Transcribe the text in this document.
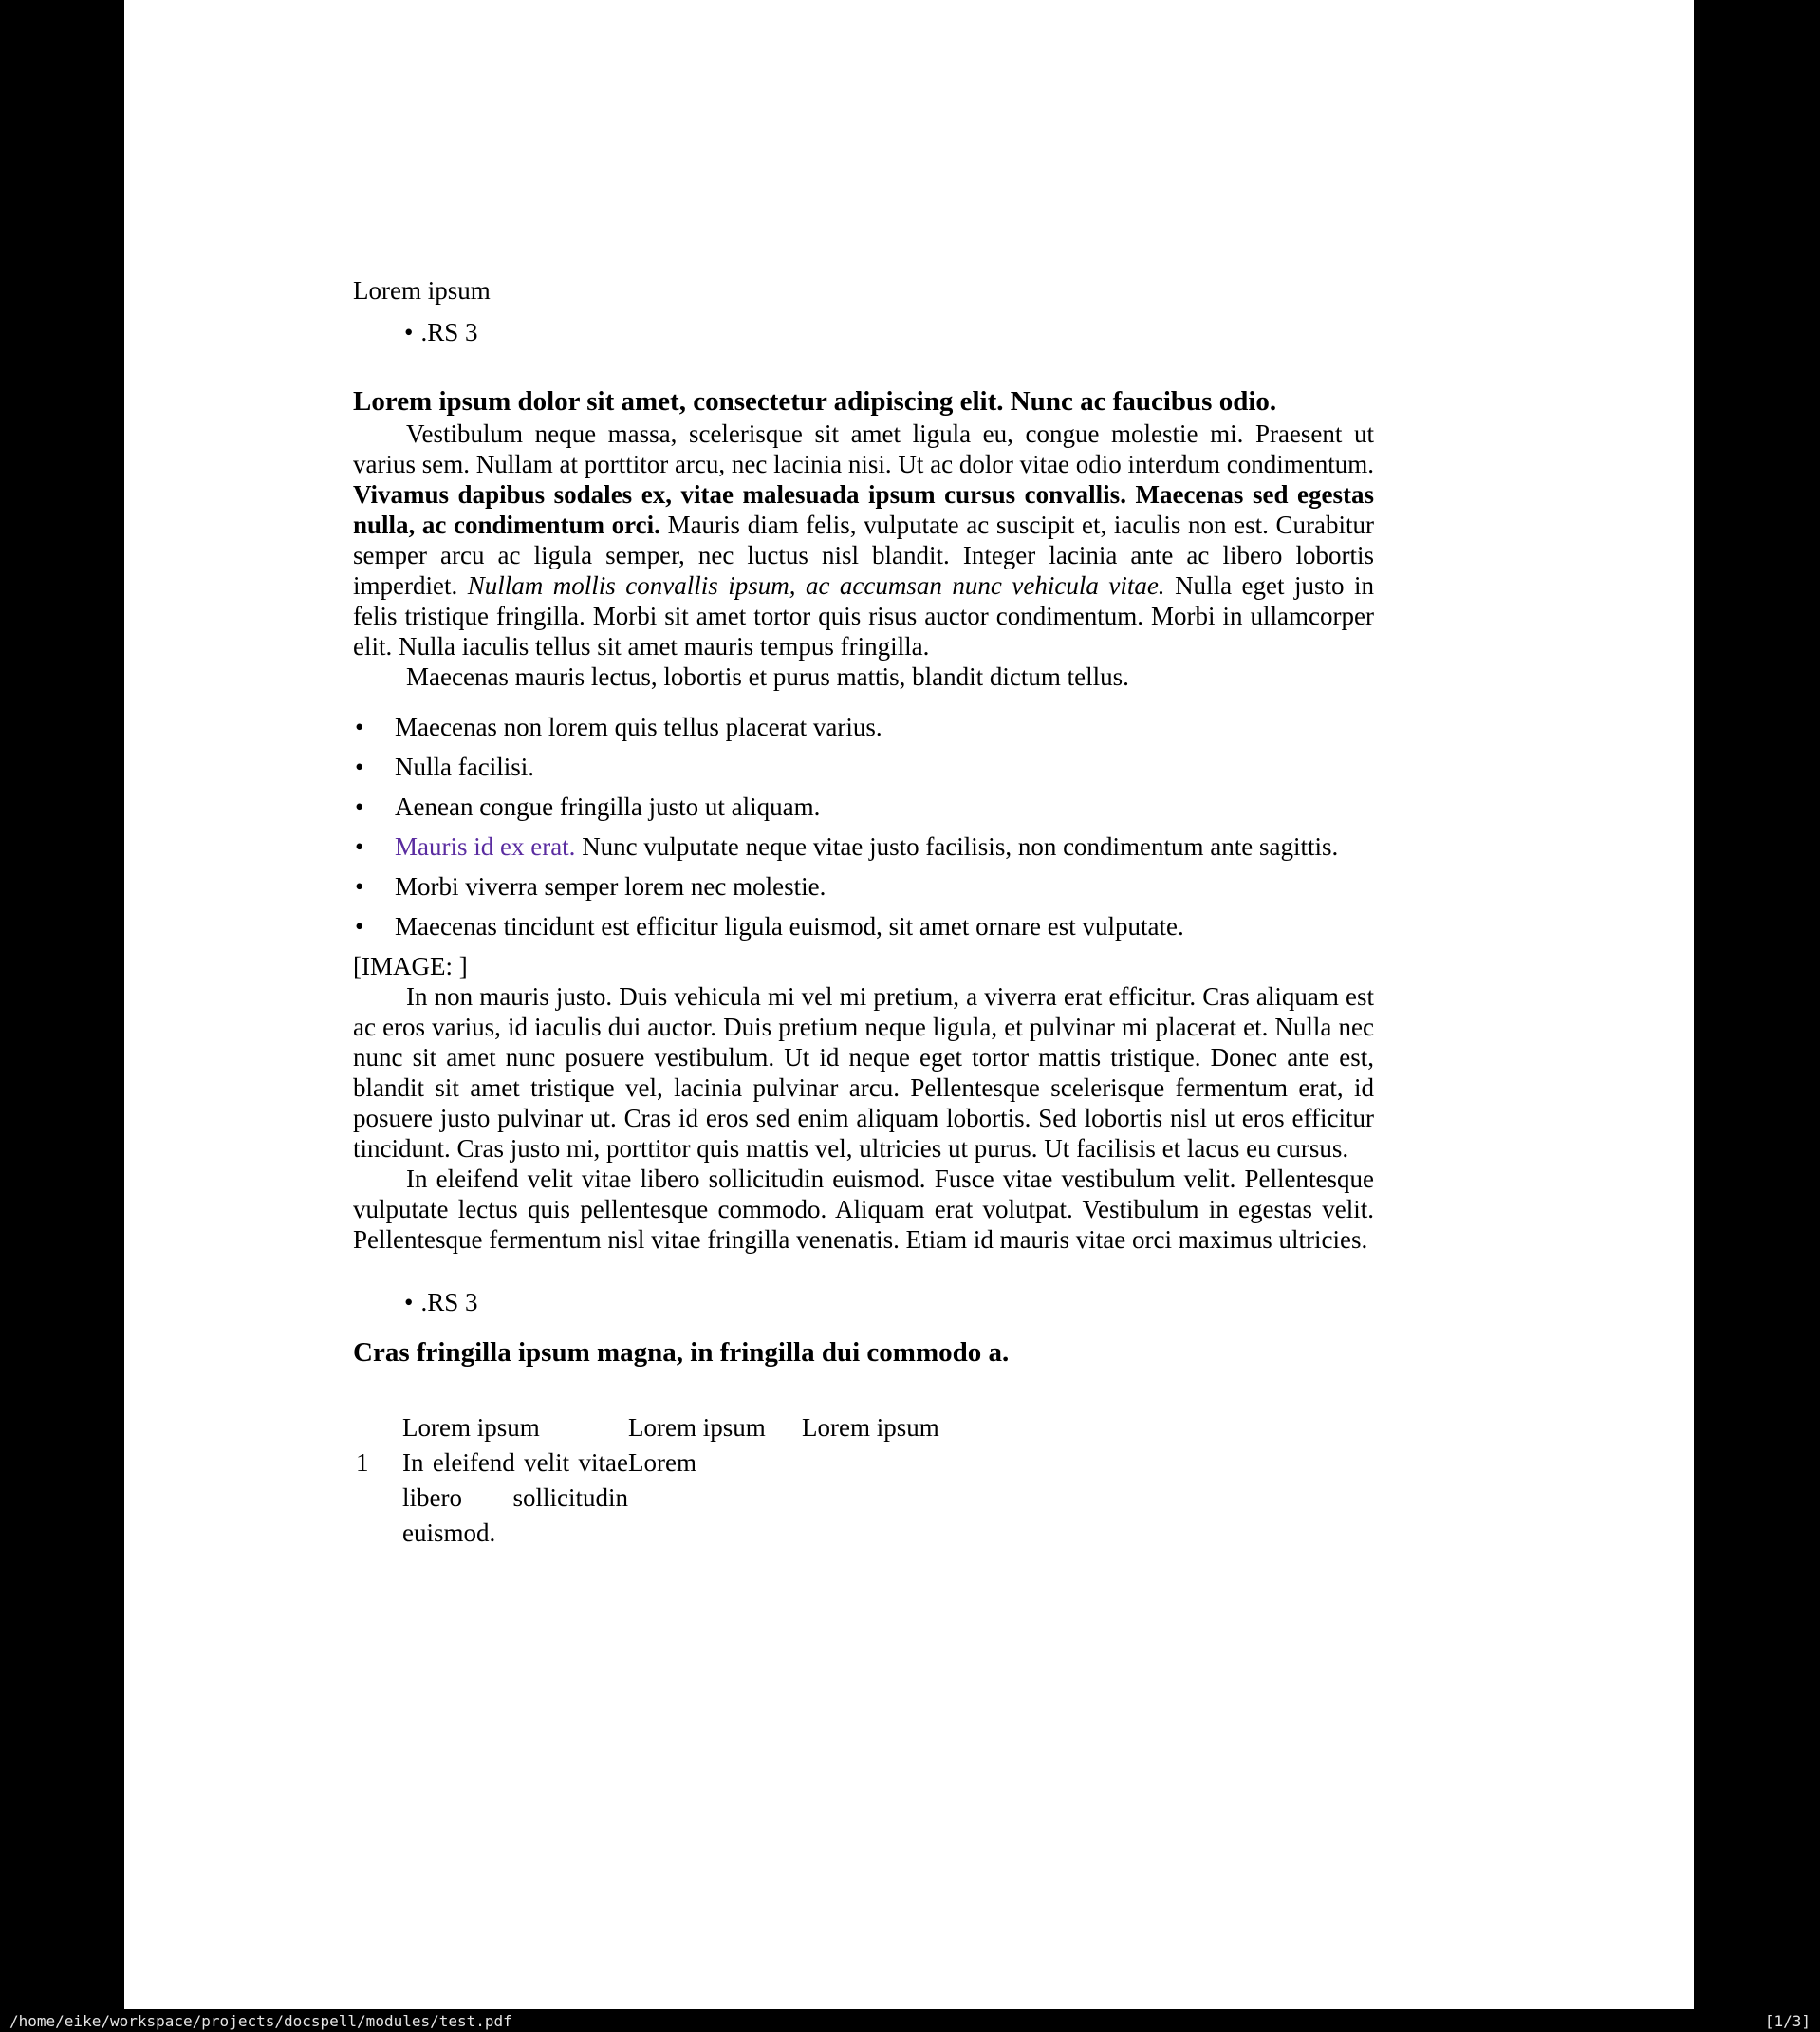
Lorem ipsum

• .RS 3
Lorem ipsum dolor sit amet, consectetur adipiscing elit. Nunc ac faucibus odio.

Vestibulum neque massa, scelerisque sit amet ligula eu, congue molestie mi. Praesent ut varius sem. Nullam at porttitor arcu, nec lacinia nisi. Ut ac dolor vitae odio interdum condimentum. Vivamus dapibus sodales ex, vitae malesuada ipsum cursus convallis. Maecenas sed egestas nulla, ac condimentum orci. Mauris diam felis, vulputate ac suscipit et, iaculis non est. Curabitur semper arcu ac ligula semper, nec luctus nisl blandit. Integer lacinia ante ac libero lobortis imperdiet. Nullam mollis convallis ipsum, ac accumsan nunc vehicula vitae. Nulla eget justo in felis tristique fringilla. Morbi sit amet tortor quis risus auctor condimentum. Morbi in ullamcorper elit. Nulla iaculis tellus sit amet mauris tempus fringilla.

Maecenas mauris lectus, lobortis et purus mattis, blandit dictum tellus.

• Maecenas non lorem quis tellus placerat varius.
• Nulla facilisi.
• Aenean congue fringilla justo ut aliquam.
• Mauris id ex erat. Nunc vulputate neque vitae justo facilisis, non condimentum ante sagittis.
• Morbi viverra semper lorem nec molestie.
• Maecenas tincidunt est efficitur ligula euismod, sit amet ornare est vulputate.

[IMAGE: ]

In non mauris justo. Duis vehicula mi vel mi pretium, a viverra erat efficitur. Cras aliquam est ac eros varius, id iaculis dui auctor. Duis pretium neque ligula, et pulvinar mi placerat et. Nulla nec nunc sit amet nunc posuere vestibulum. Ut id neque eget tortor mattis tristique. Donec ante est, blandit sit amet tristique vel, lacinia pulvinar arcu. Pellentesque scelerisque fermentum erat, id posuere justo pulvinar ut. Cras id eros sed enim aliquam lobortis. Sed lobortis nisl ut eros efficitur tincidunt. Cras justo mi, porttitor quis mattis vel, ultricies ut purus. Ut facilisis et lacus eu cursus.

In eleifend velit vitae libero sollicitudin euismod. Fusce vitae vestibulum velit. Pellentesque vulputate lectus quis pellentesque commodo. Aliquam erat volutpat. Vestibulum in egestas velit. Pellentesque fermentum nisl vitae fringilla venenatis. Etiam id mauris vitae orci maximus ultricies.

• .RS 3
Cras fringilla ipsum magna, in fringilla dui commodo a.
	Lorem ipsum	Lorem ipsum	Lorem ipsum
1	In eleifend velit vitae libero sollicitudin euismod.	Lorem	
/home/eike/workspace/projects/docspell/modules/test.pdf	[1/3]
